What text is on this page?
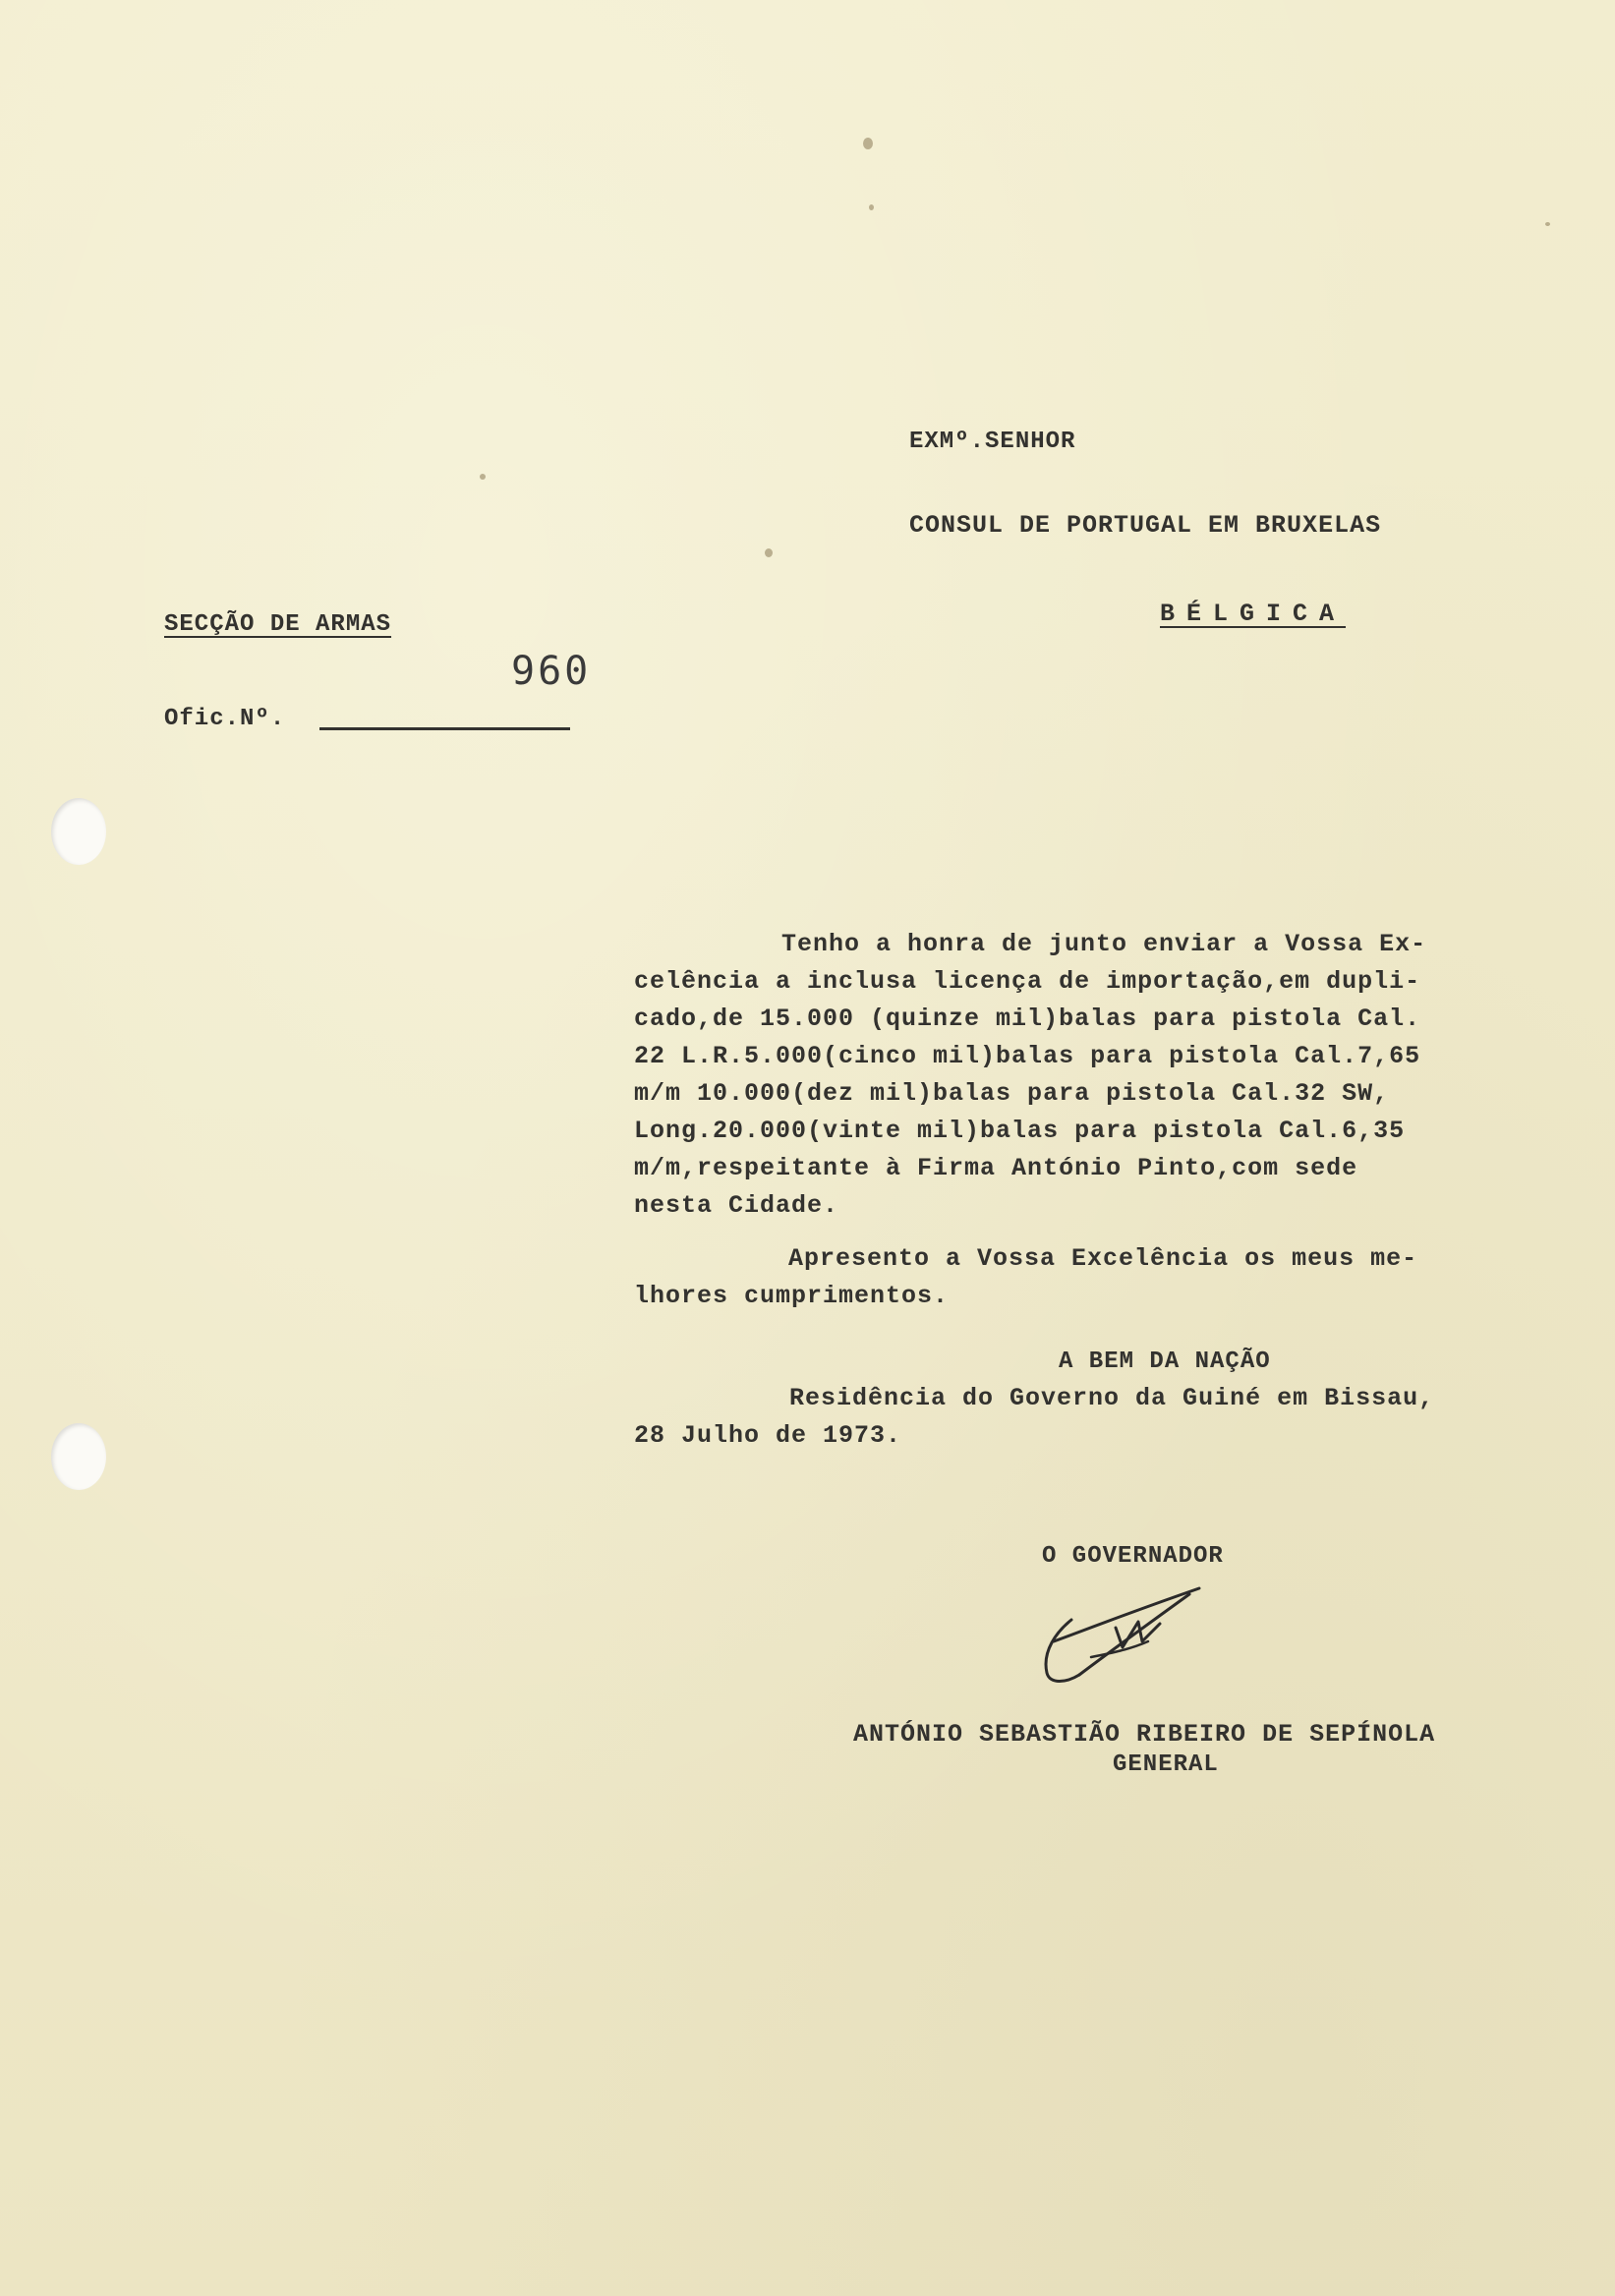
EXMº.SENHOR
CONSUL DE PORTUGAL EM BRUXELAS
BÉLGICA
SECÇÃO DE ARMAS
960
Ofic.Nº.
Tenho a honra de junto enviar a Vossa Ex-
celência a inclusa licença de importação,em dupli-
cado,de 15.000 (quinze mil)balas para pistola Cal.
22 L.R.5.000(cinco mil)balas para pistola Cal.7,65
m/m 10.000(dez mil)balas para pistola Cal.32 SW,
Long.20.000(vinte mil)balas para pistola Cal.6,35
m/m,respeitante à Firma António Pinto,com sede
nesta Cidade.
Apresento a Vossa Excelência os meus me-
lhores cumprimentos.
A BEM DA NAÇÃO
Residência do Governo da Guiné em Bissau,
28 Julho de 1973.
O GOVERNADOR
ANTÓNIO SEBASTIÃO RIBEIRO DE SEPÍNOLA
GENERAL
